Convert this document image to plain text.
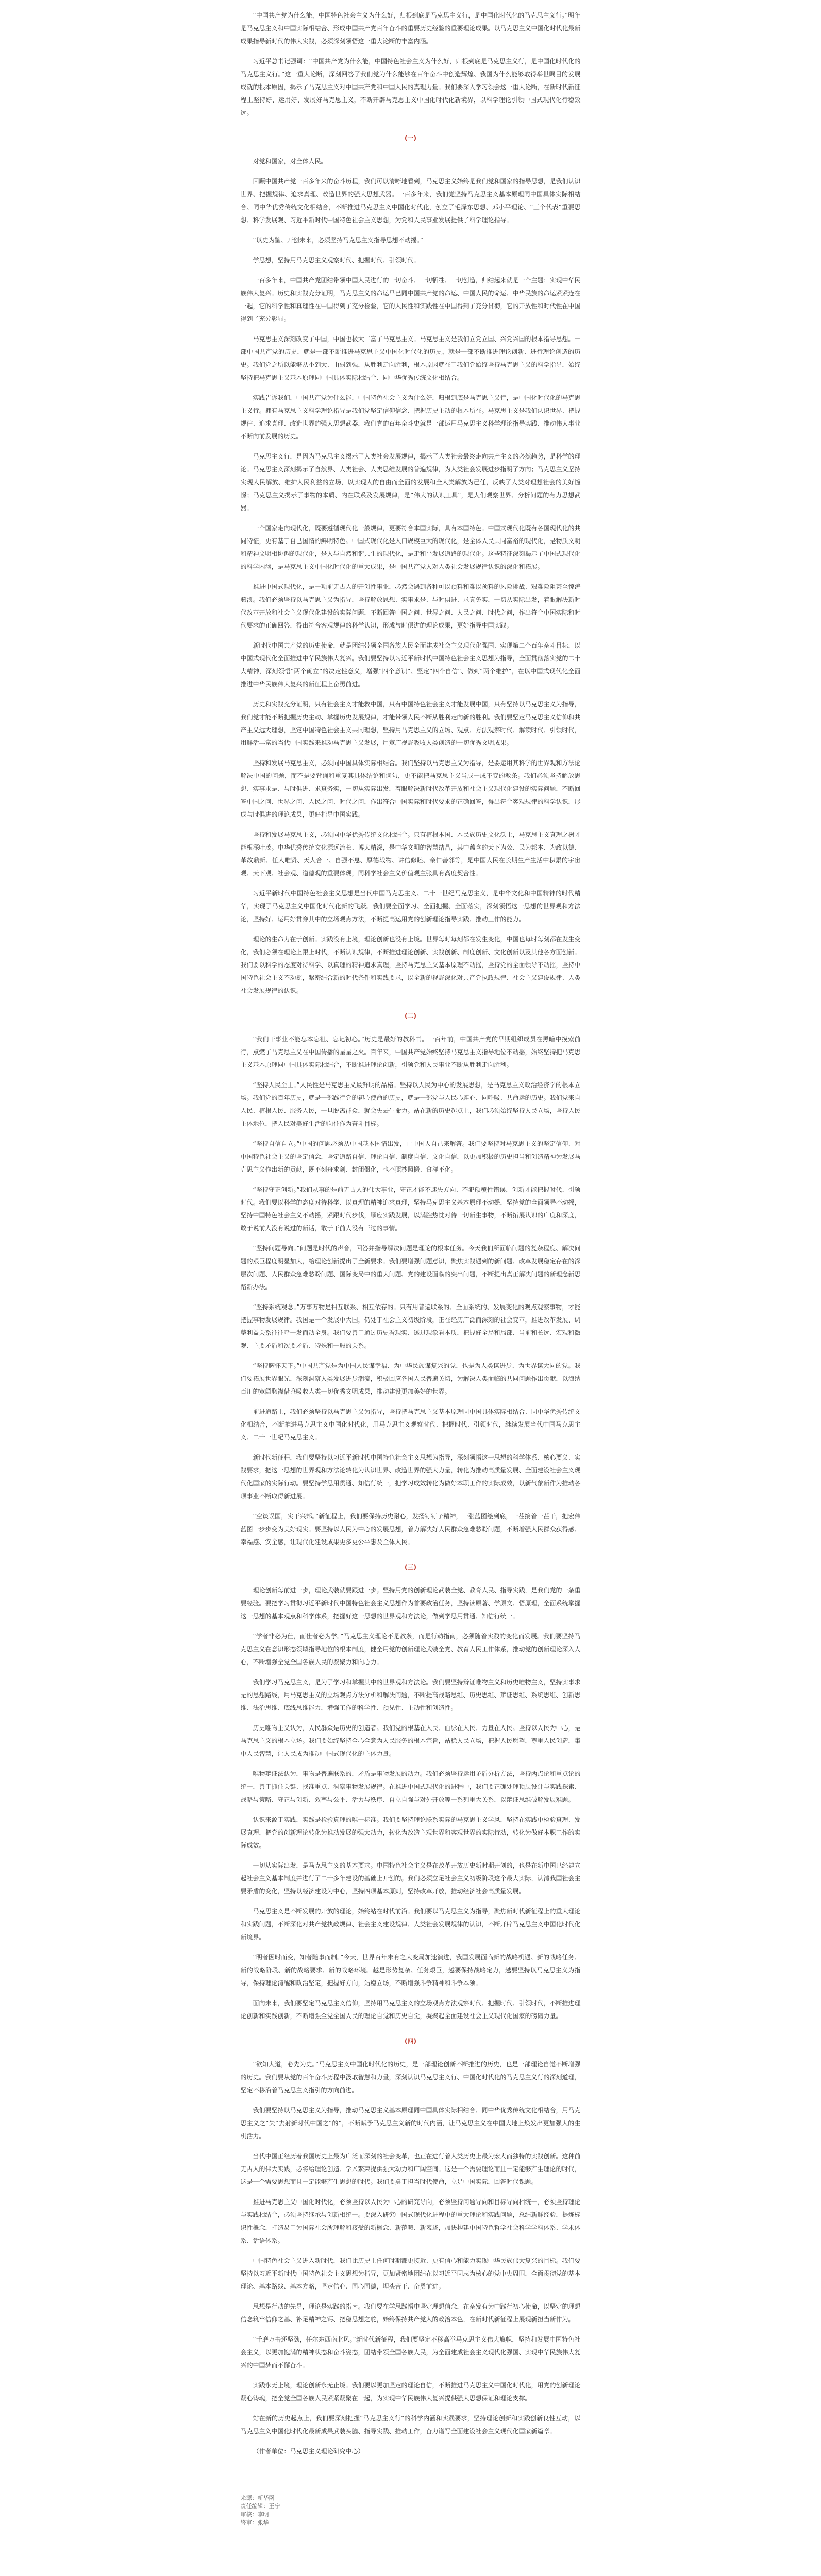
“中国共产党为什么能，中国特色社会主义为什么好，归根到底是马克思主义行，是中国化时代化的马克思主义行。”明年是马克思主义和中国实际相结合、形成中国共产党百年奋斗的重要历史经验的重要理论成果。以马克思主义中国化时代化最新成果指导新时代的伟大实践，必须深刻领悟这一重大论断的丰富内涵。

习近平总书记强调：“中国共产党为什么能，中国特色社会主义为什么好，归根到底是马克思主义行，是中国化时代化的马克思主义行。”这一重大论断，深刻回答了我们党为什么能够在百年奋斗中创造辉煌、我国为什么能够取得举世瞩目的发展成就的根本原因，揭示了马克思主义对中国共产党和中国人民的真理力量。我们要深入学习领会这一重大论断，在新时代新征程上坚持好、运用好、发展好马克思主义，不断开辟马克思主义中国化时代化新境界，以科学理论引领中国式现代化行稳致远。

(一)

对党和国家，对全体人民。

回顾中国共产党一百多年来的奋斗历程，我们可以清晰地看到，马克思主义始终是我们党和国家的指导思想，是我们认识世界、把握规律、追求真理、改造世界的强大思想武器。一百多年来，我们党坚持马克思主义基本原理同中国具体实际相结合、同中华优秀传统文化相结合，不断推进马克思主义中国化时代化，创立了毛泽东思想、邓小平理论、“三个代表”重要思想、科学发展观、习近平新时代中国特色社会主义思想，为党和人民事业发展提供了科学理论指导。

“以史为鉴、开创未来，必须坚持马克思主义指导思想不动摇。”

学思想，坚持用马克思主义观察时代、把握时代、引领时代。

一百多年来，中国共产党团结带领中国人民进行的一切奋斗、一切牺牲、一切创造，归结起来就是一个主题：实现中华民族伟大复兴。历史和实践充分证明，马克思主义的命运早已同中国共产党的命运、中国人民的命运、中华民族的命运紧紧连在一起，它的科学性和真理性在中国得到了充分检验，它的人民性和实践性在中国得到了充分贯彻，它的开放性和时代性在中国得到了充分彰显。

马克思主义深刻改变了中国，中国也极大丰富了马克思主义。马克思主义是我们立党立国、兴党兴国的根本指导思想。一部中国共产党的历史，就是一部不断推进马克思主义中国化时代化的历史，就是一部不断推进理论创新、进行理论创造的历史。我们党之所以能够从小到大、由弱到强，从胜利走向胜利，根本原因就在于我们党始终坚持马克思主义的科学指导，始终坚持把马克思主义基本原理同中国具体实际相结合、同中华优秀传统文化相结合。

实践告诉我们，中国共产党为什么能，中国特色社会主义为什么好，归根到底是马克思主义行，是中国化时代化的马克思主义行。拥有马克思主义科学理论指导是我们党坚定信仰信念、把握历史主动的根本所在。马克思主义是我们认识世界、把握规律、追求真理、改造世界的强大思想武器，我们党的百年奋斗史就是一部运用马克思主义科学理论指导实践、推动伟大事业不断向前发展的历史。

马克思主义行，是因为马克思主义揭示了人类社会发展规律，揭示了人类社会最终走向共产主义的必然趋势，是科学的理论。马克思主义深刻揭示了自然界、人类社会、人类思维发展的普遍规律，为人类社会发展进步指明了方向；马克思主义坚持实现人民解放、维护人民利益的立场，以实现人的自由而全面的发展和全人类解放为己任，反映了人类对理想社会的美好憧憬；马克思主义揭示了事物的本质、内在联系及发展规律，是“伟大的认识工具”，是人们观察世界、分析问题的有力思想武器。

一个国家走向现代化，既要遵循现代化一般规律，更要符合本国实际，具有本国特色。中国式现代化既有各国现代化的共同特征，更有基于自己国情的鲜明特色。中国式现代化是人口规模巨大的现代化，是全体人民共同富裕的现代化，是物质文明和精神文明相协调的现代化，是人与自然和谐共生的现代化，是走和平发展道路的现代化。这些特征深刻揭示了中国式现代化的科学内涵，是马克思主义中国化时代化的重大成果，是中国共产党人对人类社会发展规律认识的深化和拓展。

推进中国式现代化，是一项前无古人的开创性事业，必然会遇到各种可以预料和难以预料的风险挑战、艰难险阻甚至惊涛骇浪。我们必须坚持以马克思主义为指导，坚持解放思想、实事求是、与时俱进、求真务实，一切从实际出发，着眼解决新时代改革开放和社会主义现代化建设的实际问题，不断回答中国之问、世界之问、人民之问、时代之问，作出符合中国实际和时代要求的正确回答，得出符合客观规律的科学认识，形成与时俱进的理论成果，更好指导中国实践。

新时代中国共产党的历史使命，就是团结带领全国各族人民全面建成社会主义现代化强国、实现第二个百年奋斗目标，以中国式现代化全面推进中华民族伟大复兴。我们要坚持以习近平新时代中国特色社会主义思想为指导，全面贯彻落实党的二十大精神，深刻领悟“两个确立”的决定性意义，增强“四个意识”、坚定“四个自信”、做到“两个维护”，在以中国式现代化全面推进中华民族伟大复兴的新征程上奋勇前进。

历史和实践充分证明，只有社会主义才能救中国，只有中国特色社会主义才能发展中国，只有坚持以马克思主义为指导，我们党才能不断把握历史主动、掌握历史发展规律，才能带领人民不断从胜利走向新的胜利。我们要坚定马克思主义信仰和共产主义远大理想，坚定中国特色社会主义共同理想，坚持用马克思主义的立场、观点、方法观察时代、解读时代、引领时代，用鲜活丰富的当代中国实践来推动马克思主义发展，用宽广视野吸收人类创造的一切优秀文明成果。

坚持和发展马克思主义，必须同中国具体实际相结合。我们坚持以马克思主义为指导，是要运用其科学的世界观和方法论解决中国的问题，而不是要背诵和重复其具体结论和词句，更不能把马克思主义当成一成不变的教条。我们必须坚持解放思想、实事求是、与时俱进、求真务实，一切从实际出发，着眼解决新时代改革开放和社会主义现代化建设的实际问题，不断回答中国之问、世界之问、人民之问、时代之问，作出符合中国实际和时代要求的正确回答，得出符合客观规律的科学认识，形成与时俱进的理论成果，更好指导中国实践。

坚持和发展马克思主义，必须同中华优秀传统文化相结合。只有植根本国、本民族历史文化沃土，马克思主义真理之树才能根深叶茂。中华优秀传统文化源远流长、博大精深，是中华文明的智慧结晶，其中蕴含的天下为公、民为邦本、为政以德、革故鼎新、任人唯贤、天人合一、自强不息、厚德载物、讲信修睦、亲仁善邻等，是中国人民在长期生产生活中积累的宇宙观、天下观、社会观、道德观的重要体现，同科学社会主义价值观主张具有高度契合性。

习近平新时代中国特色社会主义思想是当代中国马克思主义、二十一世纪马克思主义，是中华文化和中国精神的时代精华，实现了马克思主义中国化时代化新的飞跃。我们要全面学习、全面把握、全面落实，深刻领悟这一思想的世界观和方法论，坚持好、运用好贯穿其中的立场观点方法，不断提高运用党的创新理论指导实践、推动工作的能力。

理论的生命力在于创新。实践没有止境，理论创新也没有止境。世界每时每刻都在发生变化，中国也每时每刻都在发生变化，我们必须在理论上跟上时代，不断认识规律，不断推进理论创新、实践创新、制度创新、文化创新以及其他各方面创新。我们要以科学的态度对待科学、以真理的精神追求真理，坚持马克思主义基本原理不动摇，坚持党的全面领导不动摇，坚持中国特色社会主义不动摇，紧密结合新的时代条件和实践要求，以全新的视野深化对共产党执政规律、社会主义建设规律、人类社会发展规律的认识。

(二)

“我们干事业不能忘本忘祖、忘记初心。”历史是最好的教科书。一百年前，中国共产党的早期组织成员在黑暗中摸索前行，点燃了马克思主义在中国传播的星星之火。百年来，中国共产党始终坚持马克思主义指导地位不动摇，始终坚持把马克思主义基本原理同中国具体实际相结合，不断推进理论创新，引领党和人民事业不断从胜利走向胜利。

“坚持人民至上。”人民性是马克思主义最鲜明的品格。坚持以人民为中心的发展思想，是马克思主义政治经济学的根本立场。我们党的百年历史，就是一部践行党的初心使命的历史，就是一部党与人民心连心、同呼吸、共命运的历史。我们党来自人民、植根人民、服务人民，一旦脱离群众，就会失去生命力。站在新的历史起点上，我们必须始终坚持人民立场，坚持人民主体地位，把人民对美好生活的向往作为奋斗目标。

“坚持自信自立。”中国的问题必须从中国基本国情出发，由中国人自己来解答。我们要坚持对马克思主义的坚定信仰、对中国特色社会主义的坚定信念，坚定道路自信、理论自信、制度自信、文化自信，以更加积极的历史担当和创造精神为发展马克思主义作出新的贡献，既不刻舟求剑、封闭僵化，也不照抄照搬、食洋不化。

“坚持守正创新。”我们从事的是前无古人的伟大事业，守正才能不迷失方向、不犯颠覆性错误，创新才能把握时代、引领时代。我们要以科学的态度对待科学、以真理的精神追求真理，坚持马克思主义基本原理不动摇，坚持党的全面领导不动摇，坚持中国特色社会主义不动摇，紧跟时代步伐，顺应实践发展，以满腔热忱对待一切新生事物，不断拓展认识的广度和深度，敢于说前人没有说过的新话，敢于干前人没有干过的事情。

“坚持问题导向。”问题是时代的声音，回答并指导解决问题是理论的根本任务。今天我们所面临问题的复杂程度、解决问题的艰巨程度明显加大，给理论创新提出了全新要求。我们要增强问题意识，聚焦实践遇到的新问题、改革发展稳定存在的深层次问题、人民群众急难愁盼问题、国际变局中的重大问题、党的建设面临的突出问题，不断提出真正解决问题的新理念新思路新办法。

“坚持系统观念。”万事万物是相互联系、相互依存的。只有用普遍联系的、全面系统的、发展变化的观点观察事物，才能把握事物发展规律。我国是一个发展中大国，仍处于社会主义初级阶段，正在经历广泛而深刻的社会变革，推进改革发展、调整利益关系往往牵一发而动全身。我们要善于通过历史看现实、透过现象看本质，把握好全局和局部、当前和长远、宏观和微观、主要矛盾和次要矛盾、特殊和一般的关系。

“坚持胸怀天下。”中国共产党是为中国人民谋幸福、为中华民族谋复兴的党，也是为人类谋进步、为世界谋大同的党。我们要拓展世界眼光，深刻洞察人类发展进步潮流，积极回应各国人民普遍关切，为解决人类面临的共同问题作出贡献，以海纳百川的宽阔胸襟借鉴吸收人类一切优秀文明成果，推动建设更加美好的世界。

前进道路上，我们必须坚持以马克思主义为指导，坚持把马克思主义基本原理同中国具体实际相结合、同中华优秀传统文化相结合，不断推进马克思主义中国化时代化，用马克思主义观察时代、把握时代、引领时代，继续发展当代中国马克思主义、二十一世纪马克思主义。

新时代新征程，我们要坚持以习近平新时代中国特色社会主义思想为指导，深刻领悟这一思想的科学体系、核心要义、实践要求，把这一思想的世界观和方法论转化为认识世界、改造世界的强大力量，转化为推动高质量发展、全面建设社会主义现代化国家的实际行动。要坚持学思用贯通、知信行统一，把学习成效转化为做好本职工作的实际成效，以新气象新作为推动各项事业不断取得新进展。

“空谈误国，实干兴邦。”新征程上，我们要保持历史耐心，发扬钉钉子精神，一张蓝图绘到底，一茬接着一茬干，把宏伟蓝图一步步变为美好现实。要坚持以人民为中心的发展思想，着力解决好人民群众急难愁盼问题，不断增强人民群众获得感、幸福感、安全感，让现代化建设成果更多更公平惠及全体人民。

(三)

理论创新每前进一步，理论武装就要跟进一步。坚持用党的创新理论武装全党、教育人民、指导实践，是我们党的一条重要经验。要把学习贯彻习近平新时代中国特色社会主义思想作为首要政治任务，坚持读原著、学原文、悟原理，全面系统掌握这一思想的基本观点和科学体系，把握好这一思想的世界观和方法论，做到学思用贯通、知信行统一。

“学者非必为仕，而仕者必为学。”马克思主义理论不是教条，而是行动指南，必须随着实践的变化而发展。我们要坚持马克思主义在意识形态领域指导地位的根本制度，健全用党的创新理论武装全党、教育人民工作体系，推动党的创新理论深入人心，不断增强全党全国各族人民的凝聚力和向心力。

我们学习马克思主义，是为了学习和掌握其中的世界观和方法论。我们要坚持辩证唯物主义和历史唯物主义，坚持实事求是的思想路线，用马克思主义的立场观点方法分析和解决问题，不断提高战略思维、历史思维、辩证思维、系统思维、创新思维、法治思维、底线思维能力，增强工作的科学性、预见性、主动性和创造性。

历史唯物主义认为，人民群众是历史的创造者。我们党的根基在人民、血脉在人民、力量在人民。坚持以人民为中心，是马克思主义的根本立场。我们要始终坚持全心全意为人民服务的根本宗旨，站稳人民立场，把握人民愿望，尊重人民创造，集中人民智慧，让人民成为推动中国式现代化的主体力量。

唯物辩证法认为，事物是普遍联系的，矛盾是事物发展的动力。我们必须坚持运用矛盾分析方法，坚持两点论和重点论的统一，善于抓住关键、找准重点、洞察事物发展规律。在推进中国式现代化的进程中，我们要正确处理顶层设计与实践探索、战略与策略、守正与创新、效率与公平、活力与秩序、自立自强与对外开放等一系列重大关系，以辩证思维破解发展难题。

认识来源于实践，实践是检验真理的唯一标准。我们要坚持理论联系实际的马克思主义学风，坚持在实践中检验真理、发展真理，把党的创新理论转化为推动发展的强大动力，转化为改造主观世界和客观世界的实际行动，转化为做好本职工作的实际成效。

一切从实际出发，是马克思主义的基本要求。中国特色社会主义是在改革开放历史新时期开创的，也是在新中国已经建立起社会主义基本制度并进行了二十多年建设的基础上开创的。我们必须立足社会主义初级阶段这个最大实际，认清我国社会主要矛盾的变化，坚持以经济建设为中心，坚持四项基本原则，坚持改革开放，推动经济社会高质量发展。

马克思主义是不断发展的开放的理论，始终站在时代前沿。我们要以马克思主义为指导，聚焦新时代新征程上的重大理论和实践问题，不断深化对共产党执政规律、社会主义建设规律、人类社会发展规律的认识，不断开辟马克思主义中国化时代化新境界。

“明者因时而变，知者随事而制。”今天，世界百年未有之大变局加速演进，我国发展面临新的战略机遇、新的战略任务、新的战略阶段、新的战略要求、新的战略环境。越是形势复杂、任务艰巨，越要保持战略定力，越要坚持以马克思主义为指导，保持理论清醒和政治坚定，把握好方向，站稳立场，不断增强斗争精神和斗争本领。

面向未来，我们要坚定马克思主义信仰，坚持用马克思主义的立场观点方法观察时代、把握时代、引领时代，不断推进理论创新和实践创新，不断增强全党全国人民的理论自觉和历史自觉，凝聚起全面建设社会主义现代化国家的磅礴力量。

(四)

“欲知大道，必先为史。”马克思主义中国化时代化的历史，是一部理论创新不断推进的历史，也是一部理论自觉不断增强的历史。我们要从党的百年奋斗历程中汲取智慧和力量，深刻认识马克思主义行、中国化时代化的马克思主义行的深刻道理，坚定不移沿着马克思主义指引的方向前进。

我们要坚持以马克思主义为指导，推动马克思主义基本原理同中国具体实际相结合、同中华优秀传统文化相结合，用马克思主义之“矢”去射新时代中国之“的”，不断赋予马克思主义新的时代内涵，让马克思主义在中国大地上焕发出更加强大的生机活力。

当代中国正经历着我国历史上最为广泛而深刻的社会变革，也正在进行着人类历史上最为宏大而独特的实践创新。这种前无古人的伟大实践，必将给理论创造、学术繁荣提供强大动力和广阔空间。这是一个需要理论而且一定能够产生理论的时代，这是一个需要思想而且一定能够产生思想的时代。我们要勇于担当时代使命，立足中国实际，回答时代课题。

推进马克思主义中国化时代化，必须坚持以人民为中心的研究导向，必须坚持问题导向和目标导向相统一，必须坚持理论与实践相结合，必须坚持继承与创新相统一。要深入研究中国式现代化进程中的重大理论和实践问题，总结新鲜经验，提炼标识性概念，打造易于为国际社会所理解和接受的新概念、新范畴、新表述，加快构建中国特色哲学社会科学学科体系、学术体系、话语体系。

中国特色社会主义进入新时代，我们比历史上任何时期都更接近、更有信心和能力实现中华民族伟大复兴的目标。我们要坚持以习近平新时代中国特色社会主义思想为指导，更加紧密地团结在以习近平同志为核心的党中央周围，全面贯彻党的基本理论、基本路线、基本方略，坚定信心、同心同德，埋头苦干、奋勇前进。

思想是行动的先导，理论是实践的指南。我们要在学思践悟中坚定理想信念，在奋发有为中践行初心使命，以坚定的理想信念筑牢信仰之基、补足精神之钙、把稳思想之舵，始终保持共产党人的政治本色，在新时代新征程上展现新担当新作为。

“千磨万击还坚劲，任尔东西南北风。”新时代新征程，我们要坚定不移高举马克思主义伟大旗帜，坚持和发展中国特色社会主义，以更加饱满的精神状态和奋斗姿态，团结带领全国各族人民，为全面建成社会主义现代化强国、实现中华民族伟大复兴的中国梦而不懈奋斗。

实践永无止境，理论创新永无止境。我们要以更加坚定的理论自信，不断推进马克思主义中国化时代化，用党的创新理论凝心铸魂，把全党全国各族人民紧紧凝聚在一起，为实现中华民族伟大复兴提供强大思想保证和理论支撑。

站在新的历史起点上，我们要深刻把握“马克思主义行”的科学内涵和实践要求，坚持理论创新和实践创新良性互动，以马克思主义中国化时代化最新成果武装头脑、指导实践、推动工作，奋力谱写全面建设社会主义现代化国家新篇章。

（作者单位：马克思主义理论研究中心）

来源：新华网

责任编辑：王宁

审核：李明

终审：张华
